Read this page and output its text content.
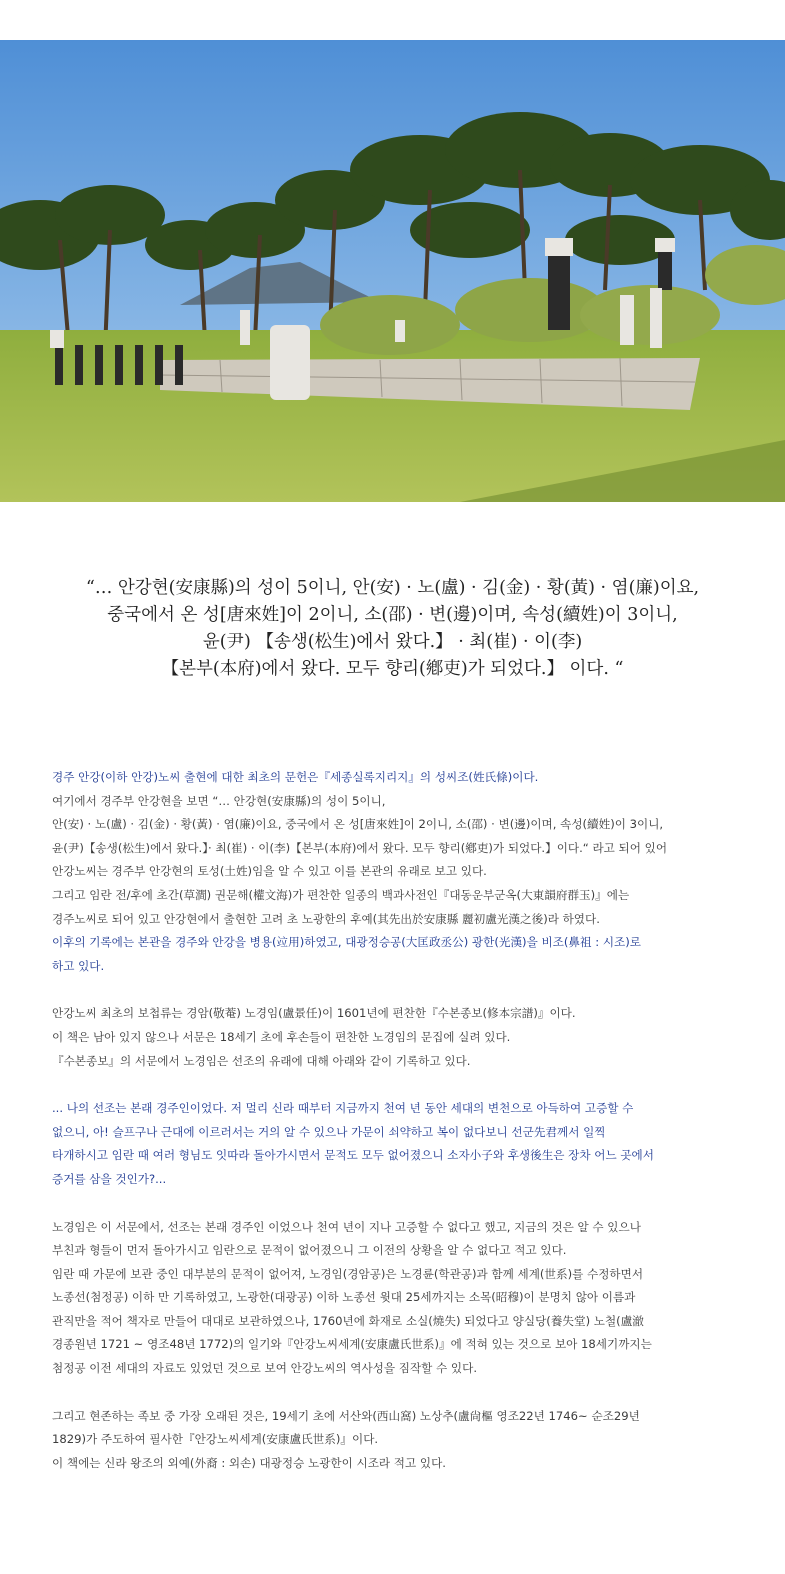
“… 안강현(安康縣)의 성이 5이니, 안(安) · 노(盧) · 김(金) · 황(黃) · 염(廉)이요,
중국에서 온 성[唐來姓]이 2이니, 소(邵) · 변(邊)이며, 속성(續姓)이 3이니,
윤(尹) 【송생(松生)에서 왔다.】 · 최(崔) · 이(李)
【본부(本府)에서 왔다. 모두 향리(鄕吏)가 되었다.】 이다. “
경주 안강(이하 안강)노씨 출현에 대한 최초의 문헌은『세종실록지리지』의 성씨조(姓氏條)이다.
여기에서 경주부 안강현을 보면 “… 안강현(安康縣)의 성이 5이니,
안(安) · 노(盧) · 김(金) · 황(黃) · 염(廉)이요, 중국에서 온 성[唐來姓]이 2이니, 소(邵) · 변(邊)이며, 속성(續姓)이 3이니,
윤(尹)【송생(松生)에서 왔다.】· 최(崔) · 이(李)【본부(本府)에서 왔다. 모두 향리(鄕吏)가 되었다.】이다.“ 라고 되어 있어
안강노씨는 경주부 안강현의 토성(土姓)임을 알 수 있고 이를 본관의 유래로 보고 있다.
그리고 임란 전/후에 초간(草澗) 권문해(權文海)가 편찬한 일종의 백과사전인『대동운부군옥(大東韻府群玉)』에는
경주노씨로 되어 있고 안강현에서 출현한 고려 초 노광한의 후예(其先出於安康縣 麗初盧光漢之後)라 하였다.
이후의 기록에는 본관을 경주와 안강을 병용(竝用)하였고, 대광정승공(大匡政丞公) 광한(光漢)을 비조(鼻祖 : 시조)로
하고 있다.
안강노씨 최초의 보첩류는 경암(敬菴) 노경임(盧景任)이 1601년에 편찬한『수본종보(修本宗譜)』이다.
이 책은 남아 있지 않으나 서문은 18세기 초에 후손들이 편찬한 노경임의 문집에 실려 있다.
『수본종보』의 서문에서 노경임은 선조의 유래에 대해 아래와 같이 기록하고 있다.
... 나의 선조는 본래 경주인이었다. 저 멀리 신라 때부터 지금까지 천여 년 동안 세대의 변천으로 아득하여 고증할 수
없으니, 아! 슬프구나 근대에 이르러서는 거의 알 수 있으나 가문이 쇠약하고 복이 없다보니 선군先君께서 일찍
타개하시고 임란 때 여러 형님도 잇따라 돌아가시면서 문적도 모두 없어졌으니 소자小子와 후생後生은 장차 어느 곳에서
증거를 삼을 것인가?...
노경임은 이 서문에서, 선조는 본래 경주인 이었으나 천여 년이 지나 고증할 수 없다고 했고, 지금의 것은 알 수 있으나
부친과 형들이 먼저 돌아가시고 임란으로 문적이 없어졌으니 그 이전의 상황을 알 수 없다고 적고 있다.
임란 때 가문에 보관 중인 대부분의 문적이 없어져, 노경임(경암공)은 노경륜(학관공)과 함께 세계(世系)를 수정하면서
노종선(첨정공) 이하 만 기록하였고, 노광한(대광공) 이하 노종선 윗대 25세까지는 소목(昭穆)이 분명치 않아 이름과
관직만을 적어 책자로 만들어 대대로 보관하였으나, 1760년에 화재로 소실(燒失) 되었다고 양실당(養失堂) 노철(盧澈
경종원년 1721 ~ 영조48년 1772)의 일기와『안강노씨세계(安康盧氏世系)』에 적혀 있는 것으로 보아 18세기까지는
첨정공 이전 세대의 자료도 있었던 것으로 보여 안강노씨의 역사성을 짐작할 수 있다.
그리고 현존하는 족보 중 가장 오래된 것은, 19세기 초에 서산와(西山窩) 노상추(盧尙樞 영조22년 1746~ 순조29년
1829)가 주도하여 필사한『안강노씨세계(安康盧氏世系)』이다.
이 책에는 신라 왕조의 외예(外裔 : 외손) 대광정승 노광한이 시조라 적고 있다.
